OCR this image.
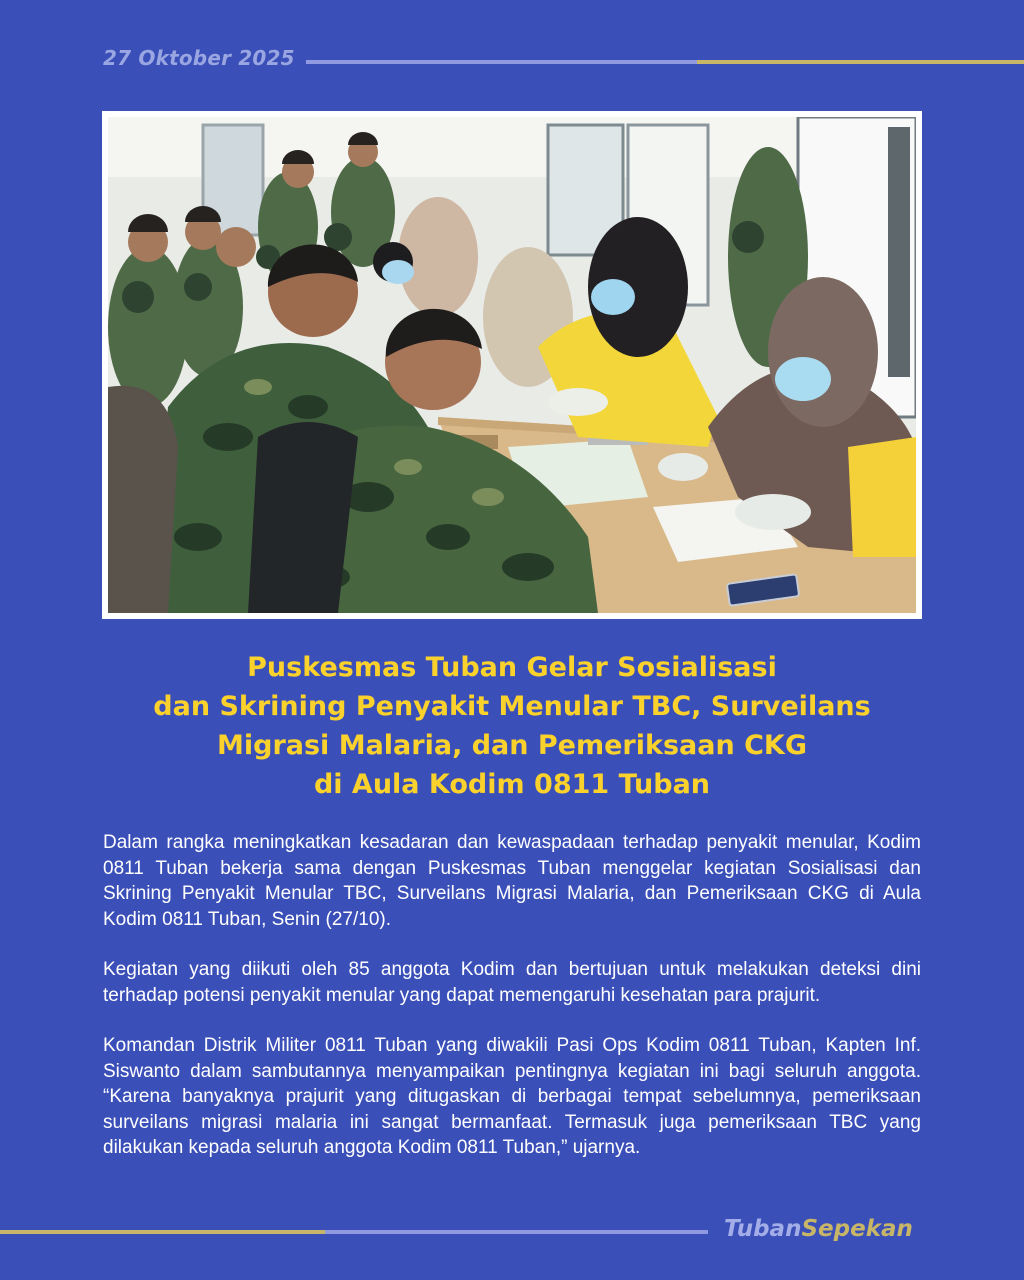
27 Oktober 2025
Puskesmas Tuban Gelar Sosialisasi
dan Skrining Penyakit Menular TBC, Surveilans
Migrasi Malaria, dan Pemeriksaan CKG
di Aula Kodim 0811 Tuban

Dalam rangka meningkatkan kesadaran dan kewaspadaan terhadap penyakit menular, Kodim 0811 Tuban bekerja sama dengan Puskesmas Tuban menggelar kegiatan Sosialisasi dan Skrining Penyakit Menular TBC, Surveilans Migrasi Malaria, dan Pemeriksaan CKG di Aula Kodim 0811 Tuban, Senin (27/10).

Kegiatan yang diikuti oleh 85 anggota Kodim dan bertujuan untuk melakukan deteksi dini terhadap potensi penyakit menular yang dapat memengaruhi kesehatan para prajurit.

Komandan Distrik Militer 0811 Tuban yang diwakili Pasi Ops Kodim 0811 Tuban, Kapten Inf. Siswanto dalam sambutannya menyampaikan pentingnya kegiatan ini bagi seluruh anggota. “Karena banyaknya prajurit yang ditugaskan di berbagai tempat sebelumnya, pemeriksaan surveilans migrasi malaria ini sangat bermanfaat. Termasuk juga pemeriksaan TBC yang dilakukan kepada seluruh anggota Kodim 0811 Tuban,” ujarnya.

TubanSepekan
